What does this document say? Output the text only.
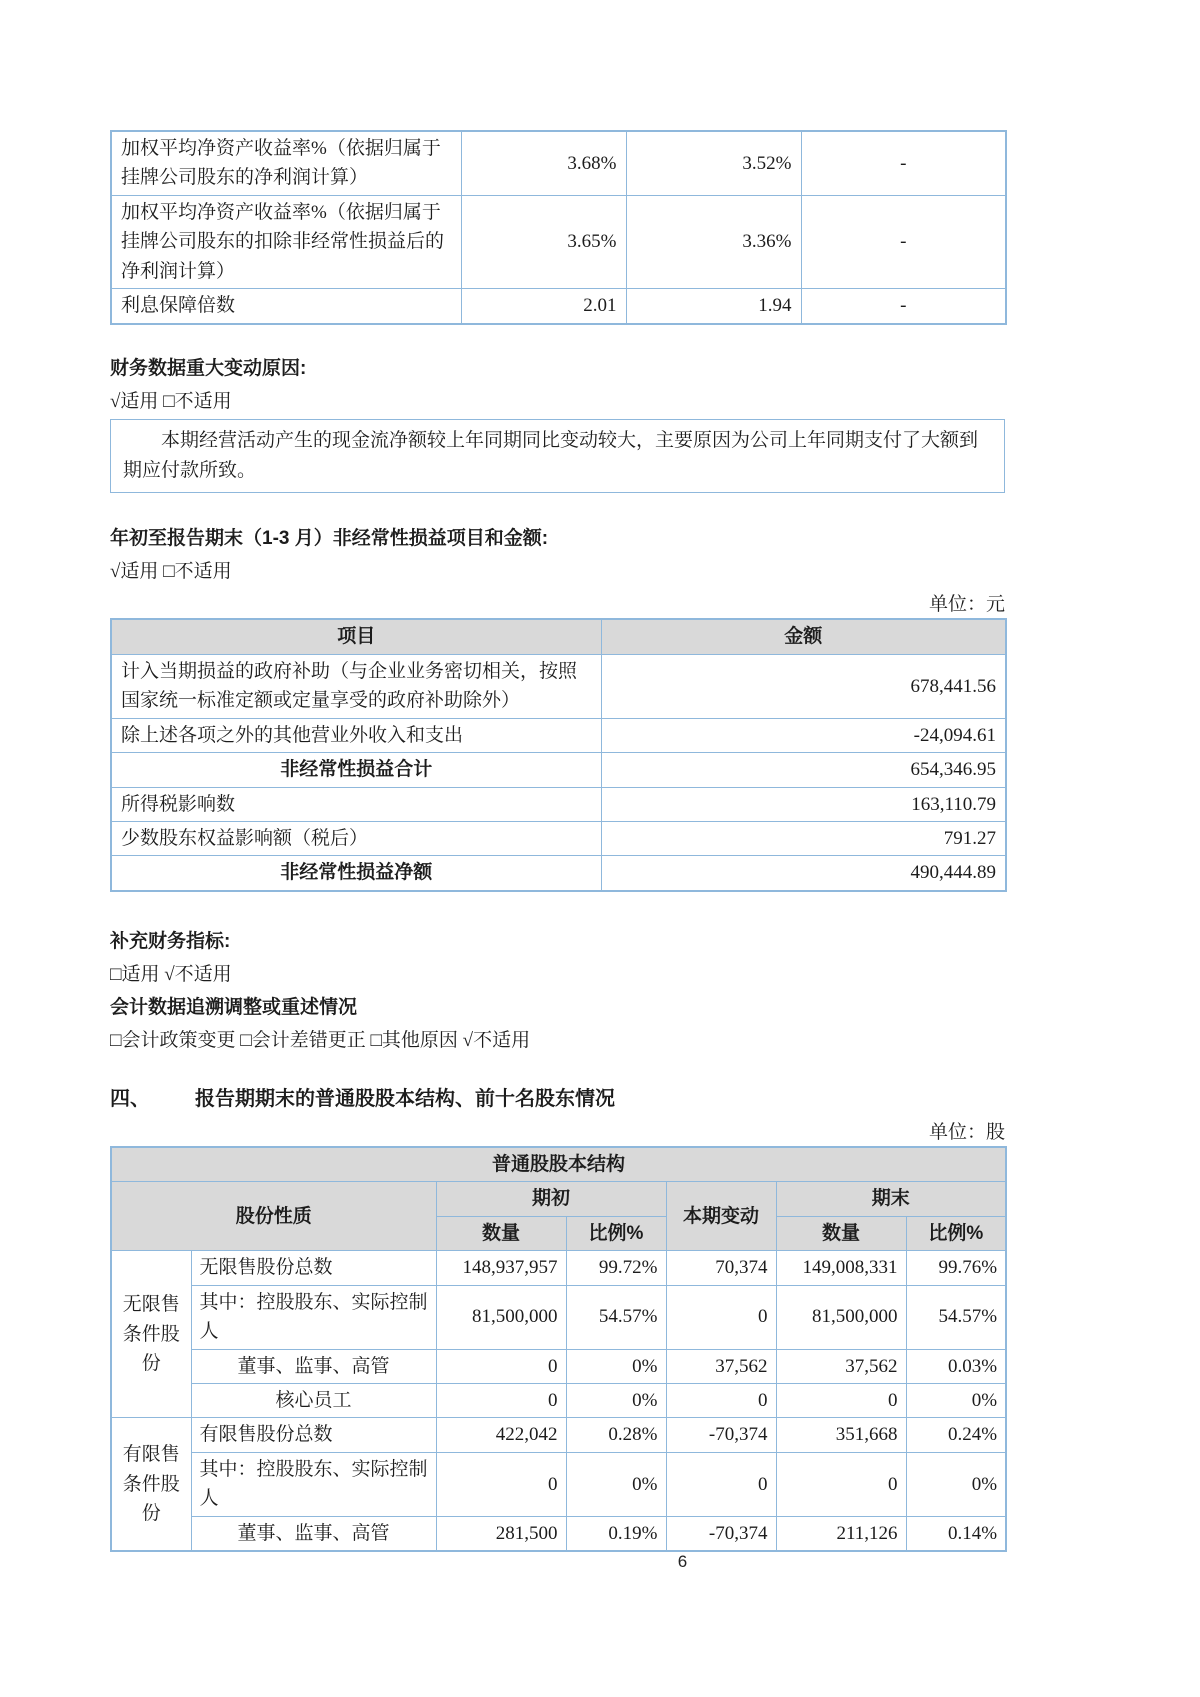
加权平均净资产收益率%（依据归属于挂牌公司股东的净利润计算）	3.68%	3.52%	-
加权平均净资产收益率%（依据归属于挂牌公司股东的扣除非经常性损益后的净利润计算）	3.65%	3.36%	-
利息保障倍数	2.01	1.94	-
财务数据重大变动原因:
√适用 □不适用
本期经营活动产生的现金流净额较上年同期同比变动较大，主要原因为公司上年同期支付了大额到期应付款所致。
年初至报告期末（1-3 月）非经常性损益项目和金额:
√适用 □不适用
单位：元
项目	金额
计入当期损益的政府补助（与企业业务密切相关，按照国家统一标准定额或定量享受的政府补助除外）	678,441.56
除上述各项之外的其他营业外收入和支出	-24,094.61
非经常性损益合计	654,346.95
所得税影响数	163,110.79
少数股东权益影响额（税后）	791.27
非经常性损益净额	490,444.89
补充财务指标:
□适用 √不适用
会计数据追溯调整或重述情况
□会计政策变更 □会计差错更正 □其他原因 √不适用
四、 报告期期末的普通股股本结构、前十名股东情况
单位：股
普通股股本结构						
股份性质		期初		本期变动	期末	
		数量	比例%		数量	比例%
无限售条件股份	无限售股份总数	148,937,957	99.72%	70,374	149,008,331	99.76%
	其中：控股股东、实际控制人	81,500,000	54.57%	0	81,500,000	54.57%
	董事、监事、高管	0	0%	37,562	37,562	0.03%
	核心员工	0	0%	0	0	0%
有限售条件股份	有限售股份总数	422,042	0.28%	-70,374	351,668	0.24%
	其中：控股股东、实际控制人	0	0%	0	0	0%
	董事、监事、高管	281,500	0.19%	-70,374	211,126	0.14%
6
